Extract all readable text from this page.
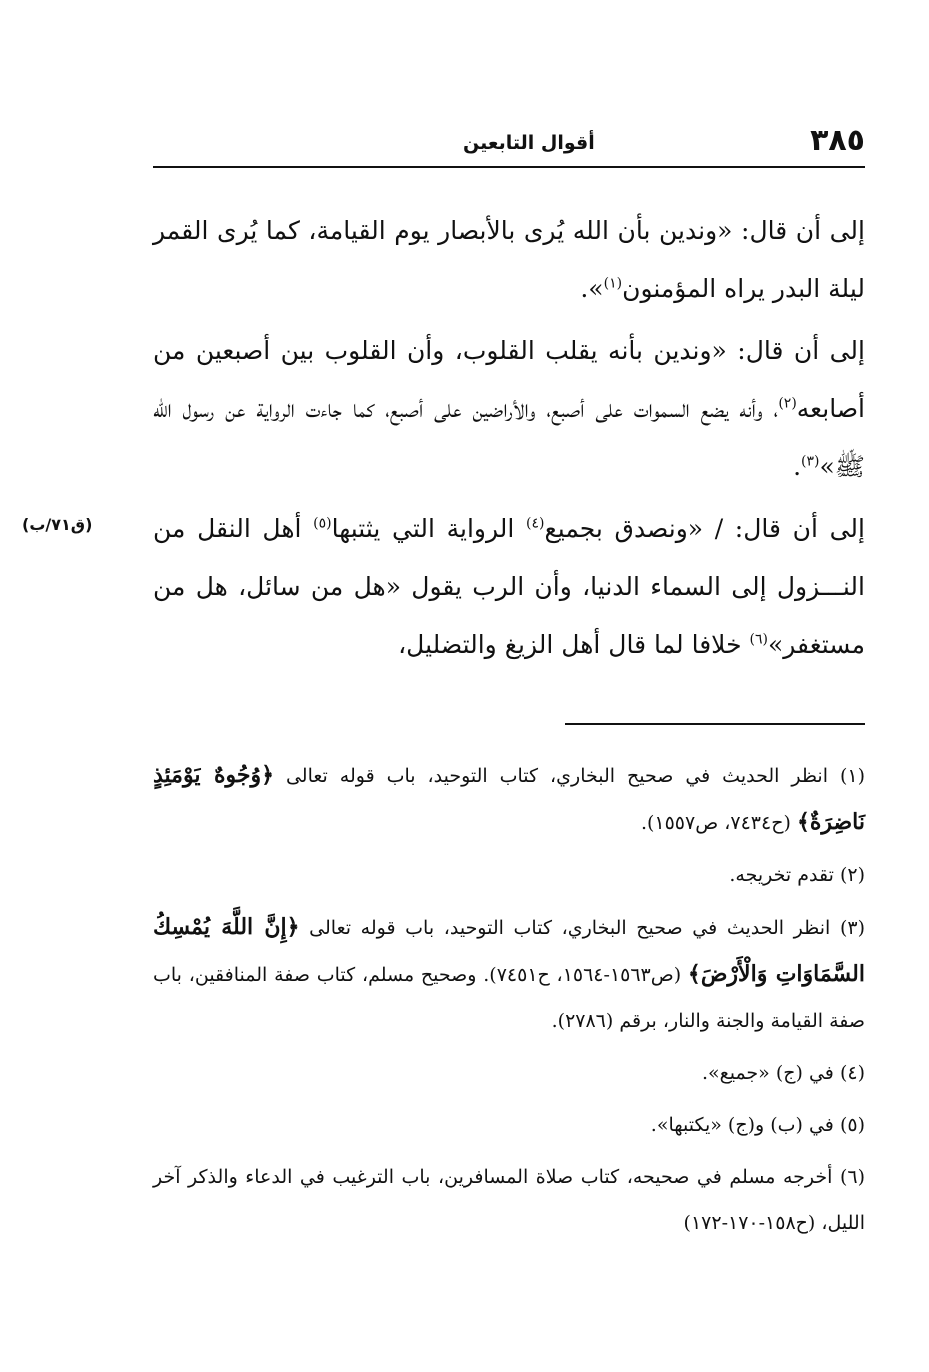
٣٨٥
أقوال التابعين
(ق٧١/ب)

إلى أن قال: «وندين بأن الله يُرى بالأبصار يوم القيامة، كما يُرى القمر ليلة البدر يراه المؤمنون$^{(١)}$».

إلى أن قال: «وندين بأنه يقلب القلوب، وأن القلوب بين أصبعين من أصابعه$^{(٢)}$، وأنه يضع السموات على أصبع، والأراضين على أصبع، كما جاءت الرواية عن رسول الله ﷺ»$^{(٣)}$.

إلى أن قال: / «ونصدق بجميع$^{(٤)}$ الرواية التي يثتبها$^{(٥)}$ أهل النقل من النـــزول إلى السماء الدنيا، وأن الرب يقول «هل من سائل، هل من مستغفر»$^{(٦)}$ خلافا لما قال أهل الزيغ والتضليل،

(١) انظر الحديث في صحيح البخاري، كتاب التوحيد، باب قوله تعالى ﴿وُجُوهٌ يَوْمَئِذٍ نَاضِرَةٌ﴾ (ح٧٤٣٤، ص١٥٥٧).
(٢) تقدم تخريجه.
(٣) انظر الحديث في صحيح البخاري، كتاب التوحيد، باب قوله تعالى ﴿إِنَّ اللَّهَ يُمْسِكُ السَّمَاوَاتِ وَالْأَرْضَ﴾ (ص١٥٦٣-١٥٦٤، ح٧٤٥١). وصحيح مسلم، كتاب صفة المنافقين، باب صفة القيامة والجنة والنار، برقم (٢٧٨٦).
(٤) في (ج) «جميع».
(٥) في (ب) و(ج) «يكتبها».
(٦) أخرجه مسلم في صحيحه، كتاب صلاة المسافرين، باب الترغيب في الدعاء والذكر آخر الليل، (ح١٥٨-١٧٠-١٧٢)
